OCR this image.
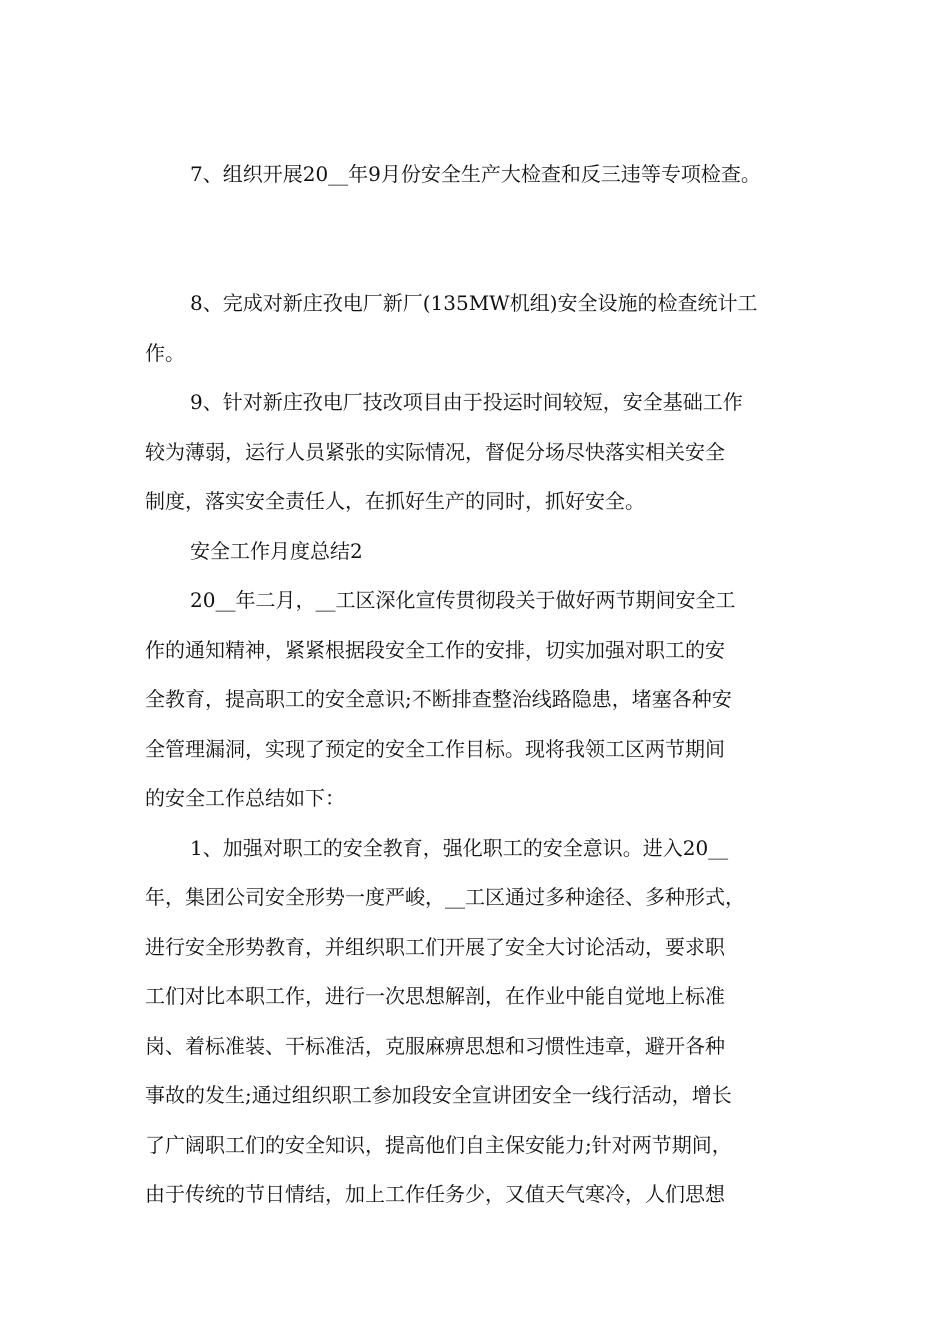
7、组织开展20__年9月份安全生产大检查和反三违等专项检查。
8、完成对新庄孜电厂新厂(135MW机组)安全设施的检查统计工
作。
9、针对新庄孜电厂技改项目由于投运时间较短，安全基础工作
较为薄弱，运行人员紧张的实际情况，督促分场尽快落实相关安全
制度，落实安全责任人，在抓好生产的同时，抓好安全。
安全工作月度总结2
20__年二月，__工区深化宣传贯彻段关于做好两节期间安全工
作的通知精神，紧紧根据段安全工作的安排，切实加强对职工的安
全教育，提高职工的安全意识;不断排查整治线路隐患，堵塞各种安
全管理漏洞，实现了预定的安全工作目标。现将我领工区两节期间
的安全工作总结如下：
1、加强对职工的安全教育，强化职工的安全意识。进入20__
年，集团公司安全形势一度严峻，__工区通过多种途径、多种形式，
进行安全形势教育，并组织职工们开展了安全大讨论活动，要求职
工们对比本职工作，进行一次思想解剖，在作业中能自觉地上标准
岗、着标准装、干标准活，克服麻痹思想和习惯性违章，避开各种
事故的发生;通过组织职工参加段安全宣讲团安全一线行活动，增长
了广阔职工们的安全知识，提高他们自主保安能力;针对两节期间，
由于传统的节日情结，加上工作任务少，又值天气寒冷，人们思想
